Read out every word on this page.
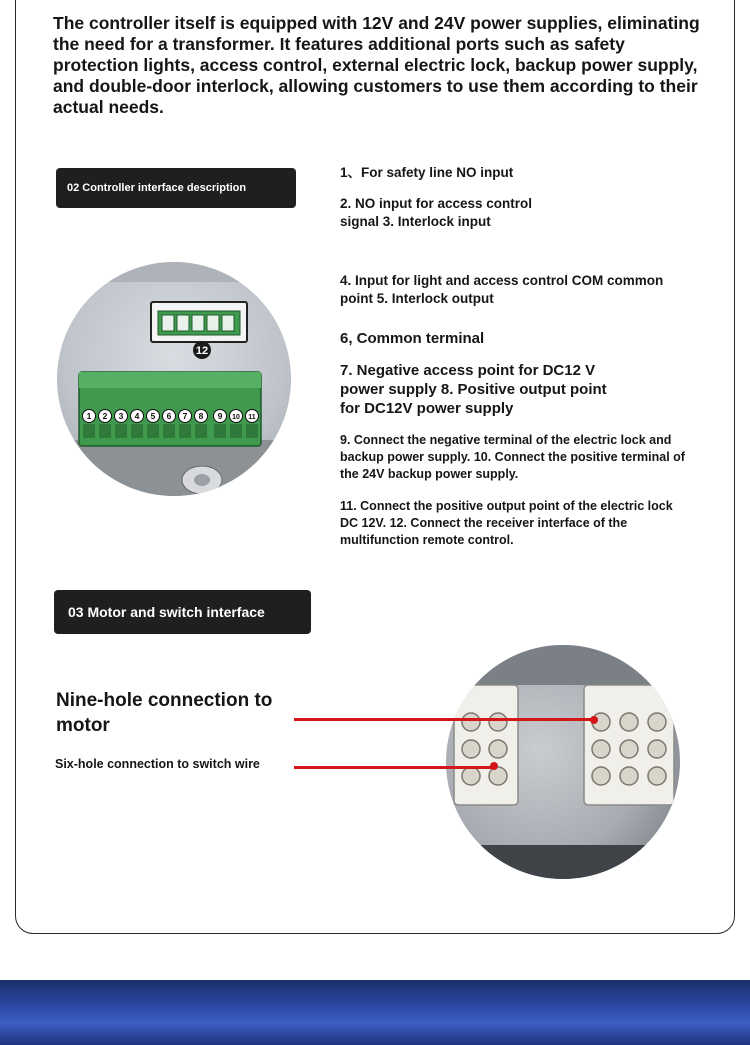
The controller itself is equipped with 12V and 24V power supplies, eliminating the need for a transformer. It features additional ports such as safety protection lights, access control, external electric lock, backup power supply, and double-door interlock, allowing customers to use them according to their actual needs.

02 Controller interface description
12
1 2 3 4 5 6 7 8 9 10 11

1、For safety line NO input

2. NO input for access control signal 3. Interlock input

4. Input for light and access control COM common point 5. Interlock output

6, Common terminal

7. Negative access point for DC12 V power supply 8. Positive output point for DC12V power supply

9. Connect the negative terminal of the electric lock and backup power supply. 10. Connect the positive terminal of the 24V backup power supply.

11. Connect the positive output point of the electric lock DC 12V. 12. Connect the receiver interface of the multifunction remote control.

03 Motor and switch interface

Nine-hole connection to motor

Six-hole connection to switch wire
